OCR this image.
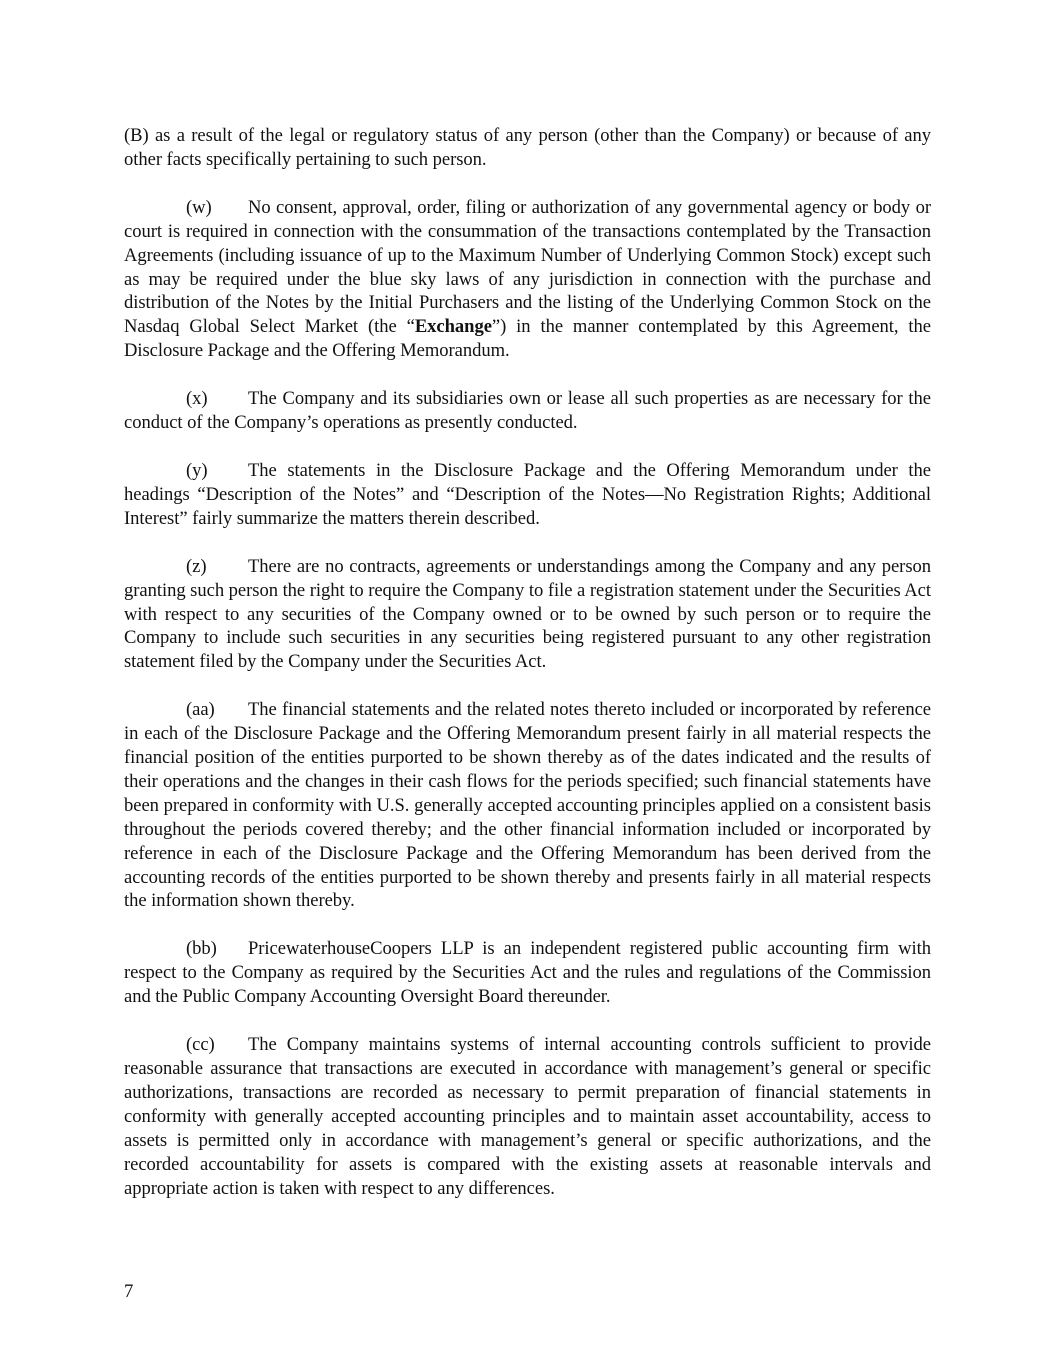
(B) as a result of the legal or regulatory status of any person (other than the Company) or because of any other facts specifically pertaining to such person.

(w) No consent, approval, order, filing or authorization of any governmental agency or body or court is required in connection with the consummation of the transactions contemplated by the Transaction Agreements (including issuance of up to the Maximum Number of Underlying Common Stock) except such as may be required under the blue sky laws of any jurisdiction in connection with the purchase and distribution of the Notes by the Initial Purchasers and the listing of the Underlying Common Stock on the Nasdaq Global Select Market (the “Exchange”) in the manner contemplated by this Agreement, the Disclosure Package and the Offering Memorandum.

(x) The Company and its subsidiaries own or lease all such properties as are necessary for the conduct of the Company’s operations as presently conducted.

(y) The statements in the Disclosure Package and the Offering Memorandum under the headings “Description of the Notes” and “Description of the Notes—No Registration Rights; Additional Interest” fairly summarize the matters therein described.

(z) There are no contracts, agreements or understandings among the Company and any person granting such person the right to require the Company to file a registration statement under the Securities Act with respect to any securities of the Company owned or to be owned by such person or to require the Company to include such securities in any securities being registered pursuant to any other registration statement filed by the Company under the Securities Act.

(aa) The financial statements and the related notes thereto included or incorporated by reference in each of the Disclosure Package and the Offering Memorandum present fairly in all material respects the financial position of the entities purported to be shown thereby as of the dates indicated and the results of their operations and the changes in their cash flows for the periods specified; such financial statements have been prepared in conformity with U.S. generally accepted accounting principles applied on a consistent basis throughout the periods covered thereby; and the other financial information included or incorporated by reference in each of the Disclosure Package and the Offering Memorandum has been derived from the accounting records of the entities purported to be shown thereby and presents fairly in all material respects the information shown thereby.

(bb) PricewaterhouseCoopers LLP is an independent registered public accounting firm with respect to the Company as required by the Securities Act and the rules and regulations of the Commission and the Public Company Accounting Oversight Board thereunder.

(cc) The Company maintains systems of internal accounting controls sufficient to provide reasonable assurance that transactions are executed in accordance with management’s general or specific authorizations, transactions are recorded as necessary to permit preparation of financial statements in conformity with generally accepted accounting principles and to maintain asset accountability, access to assets is permitted only in accordance with management’s general or specific authorizations, and the recorded accountability for assets is compared with the existing assets at reasonable intervals and appropriate action is taken with respect to any differences.

7
